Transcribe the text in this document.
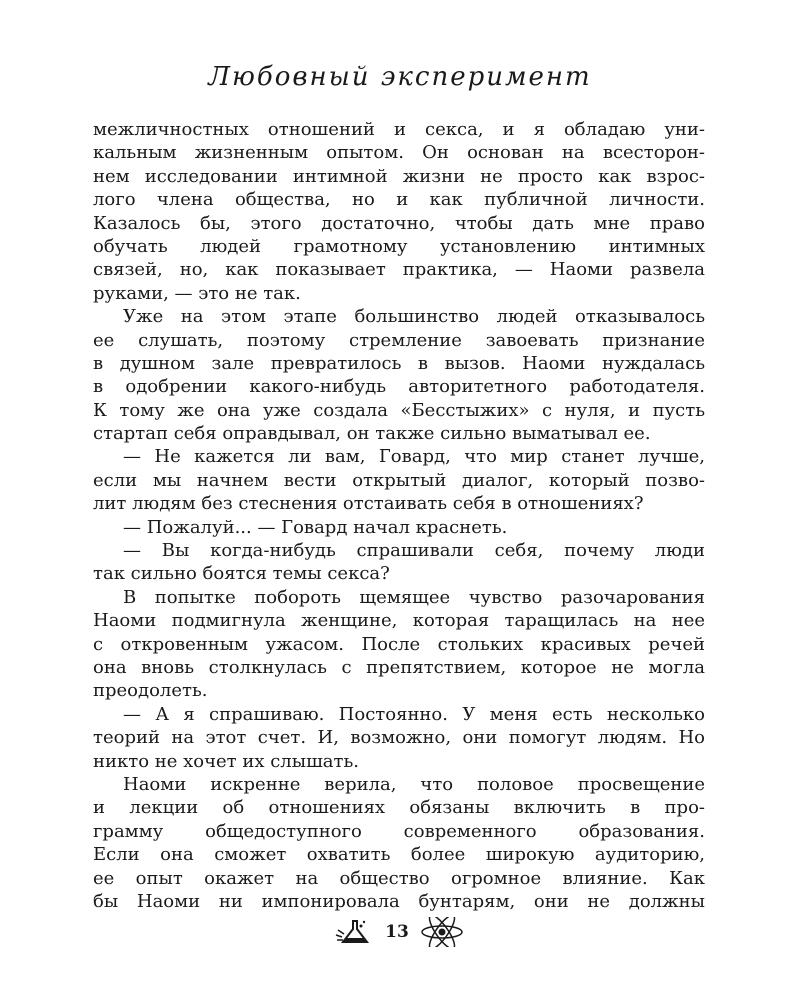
Любовный эксперимент
межличностных отношений и секса, и я обладаю уни-
кальным жизненным опытом. Он основан на всесторон-
нем исследовании интимной жизни не просто как взрос-
лого члена общества, но и как публичной личности.
Казалось бы, этого достаточно, чтобы дать мне право
обучать людей грамотному установлению интимных
связей, но, как показывает практика, — Наоми развела
руками, — это не так.
Уже на этом этапе большинство людей отказывалось
ее слушать, поэтому стремление завоевать признание
в душном зале превратилось в вызов. Наоми нуждалась
в одобрении какого-нибудь авторитетного работодателя.
К тому же она уже создала «Бесстыжих» с нуля, и пусть
стартап себя оправдывал, он также сильно выматывал ее.
— Не кажется ли вам, Говард, что мир станет лучше,
если мы начнем вести открытый диалог, который позво-
лит людям без стеснения отстаивать себя в отношениях?
— Пожалуй... — Говард начал краснеть.
— Вы когда-нибудь спрашивали себя, почему люди
так сильно боятся темы секса?
В попытке побороть щемящее чувство разочарования
Наоми подмигнула женщине, которая таращилась на нее
с откровенным ужасом. После стольких красивых речей
она вновь столкнулась с препятствием, которое не могла
преодолеть.
— А я спрашиваю. Постоянно. У меня есть несколько
теорий на этот счет. И, возможно, они помогут людям. Но
никто не хочет их слышать.
Наоми искренне верила, что половое просвещение
и лекции об отношениях обязаны включить в про-
грамму общедоступного современного образования.
Если она сможет охватить более широкую аудиторию,
ее опыт окажет на общество огромное влияние. Как
бы Наоми ни импонировала бунтарям, они не должны
13
